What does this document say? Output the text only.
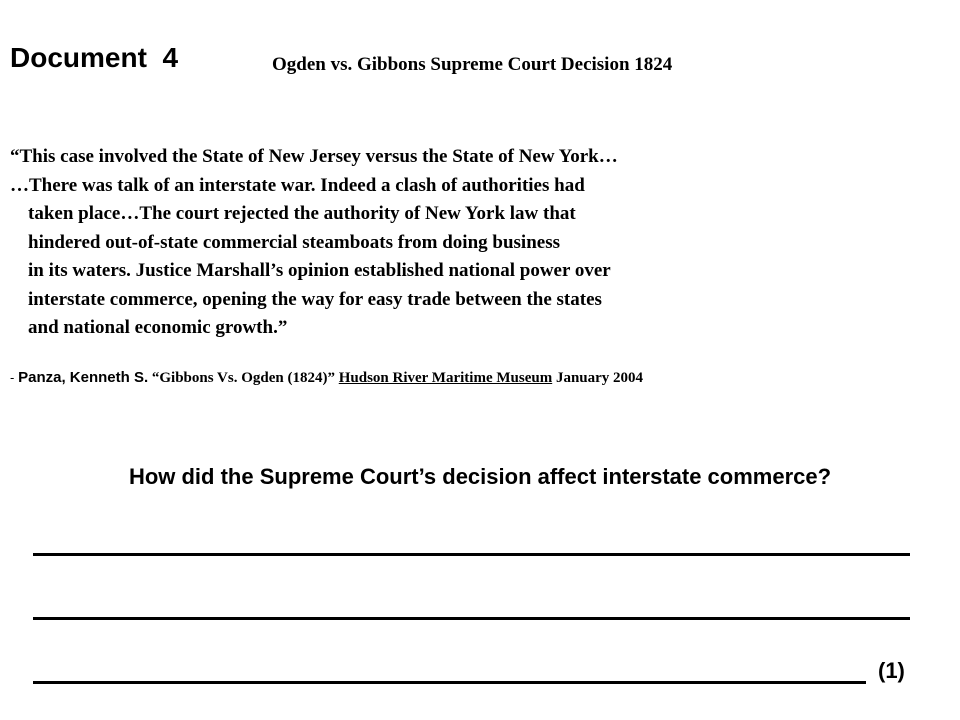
Document  4	Ogden vs. Gibbons Supreme Court Decision 1824
“This case involved the State of New Jersey versus the State of New York…
…There was talk of an interstate war. Indeed a clash of authorities had
taken place…The court rejected the authority of New York law that
hindered out-of-state commercial steamboats from doing business
in its waters. Justice Marshall’s opinion established national power over
interstate commerce, opening the way for easy trade between the states
and national economic growth.”
- Panza, Kenneth S. “Gibbons Vs. Ogden (1824)” Hudson River Maritime Museum January 2004
How did the Supreme Court’s decision affect interstate commerce?
(1)
